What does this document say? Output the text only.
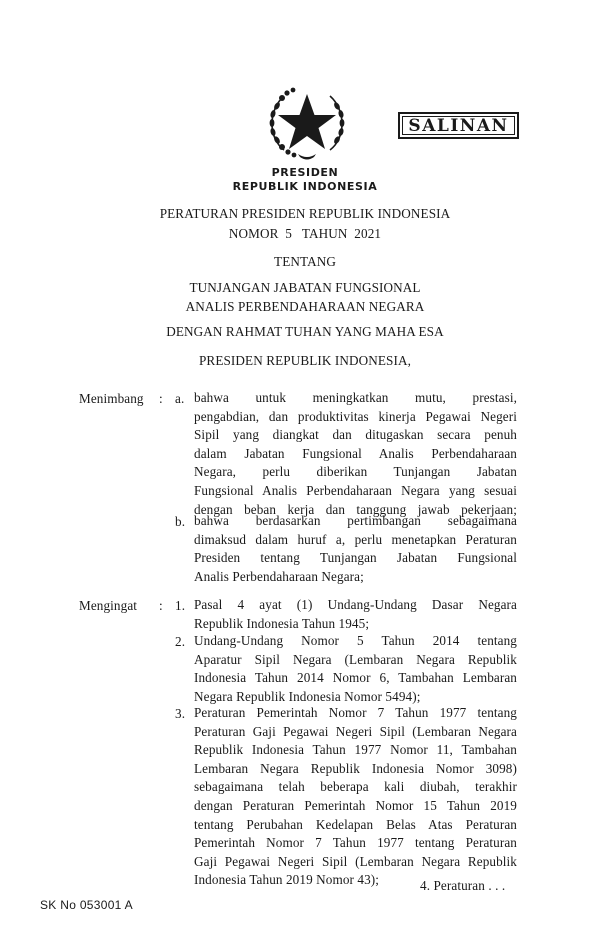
SALINAN
PRESIDEN
REPUBLIK INDONESIA
PERATURAN PRESIDEN REPUBLIK INDONESIA
NOMOR  5   TAHUN  2021
TENTANG
TUNJANGAN JABATAN FUNGSIONAL
ANALIS PERBENDAHARAAN NEGARA
DENGAN RAHMAT TUHAN YANG MAHA ESA
PRESIDEN REPUBLIK INDONESIA,
Menimbang : a. bahwa untuk meningkatkan mutu, prestasi,
pengabdian, dan produktivitas kinerja Pegawai Negeri
Sipil yang diangkat dan ditugaskan secara penuh
dalam Jabatan Fungsional Analis Perbendaharaan
Negara, perlu diberikan Tunjangan Jabatan
Fungsional Analis Perbendaharaan Negara yang sesuai
dengan beban kerja dan tanggung jawab pekerjaan;
b. bahwa berdasarkan pertimbangan sebagaimana
dimaksud dalam huruf a, perlu menetapkan Peraturan
Presiden tentang Tunjangan Jabatan Fungsional
Analis Perbendaharaan Negara;
Mengingat : 1. Pasal 4 ayat (1) Undang-Undang Dasar Negara
Republik Indonesia Tahun 1945;
2. Undang-Undang Nomor 5 Tahun 2014 tentang
Aparatur Sipil Negara (Lembaran Negara Republik
Indonesia Tahun 2014 Nomor 6, Tambahan Lembaran
Negara Republik Indonesia Nomor 5494);
3. Peraturan Pemerintah Nomor 7 Tahun 1977 tentang
Peraturan Gaji Pegawai Negeri Sipil (Lembaran Negara
Republik Indonesia Tahun 1977 Nomor 11, Tambahan
Lembaran Negara Republik Indonesia Nomor 3098)
sebagaimana telah beberapa kali diubah, terakhir
dengan Peraturan Pemerintah Nomor 15 Tahun 2019
tentang Perubahan Kedelapan Belas Atas Peraturan
Pemerintah Nomor 7 Tahun 1977 tentang Peraturan
Gaji Pegawai Negeri Sipil (Lembaran Negara Republik
Indonesia Tahun 2019 Nomor 43);	4. Peraturan . . .
SK No 053001 A
